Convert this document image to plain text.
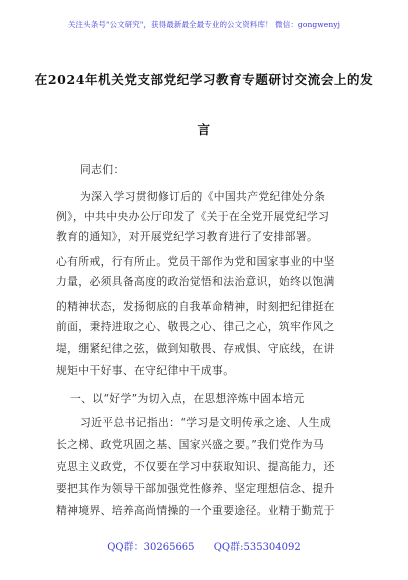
关注头条号"公文研究"，获得最新最全最专业的公文资料库！ 微信：gongwenyj
在2024年机关党支部党纪学习教育专题研讨交流会上的发
言
同志们：
为深入学习贯彻修订后的《中国共产党纪律处分条
例》，中共中央办公厅印发了《关于在全党开展党纪学习
教育的通知》，对开展党纪学习教育进行了安排部署。
心有所戒，行有所止。党员干部作为党和国家事业的中坚
力量，必须具备高度的政治觉悟和法治意识，始终以饱满
的精神状态，发扬彻底的自我革命精神，时刻把纪律挺在
前面，秉持进取之心、敬畏之心、律己之心，筑牢作风之
堤，绷紧纪律之弦，做到知敬畏、存戒惧、守底线，在讲
规矩中干好事、在守纪律中干成事。
一、以“好学”为切入点，在思想淬炼中固本培元
习近平总书记指出：“学习是文明传承之途、人生成
长之梯、政党巩固之基、国家兴盛之要。”我们党作为马
克思主义政党，不仅要在学习中获取知识、提高能力，还
要把其作为领导干部加强党性修养、坚定理想信念、提升
精神境界、培养高尚情操的一个重要途径。业精于勤荒于
QQ群：30265665 QQ群:535304092
